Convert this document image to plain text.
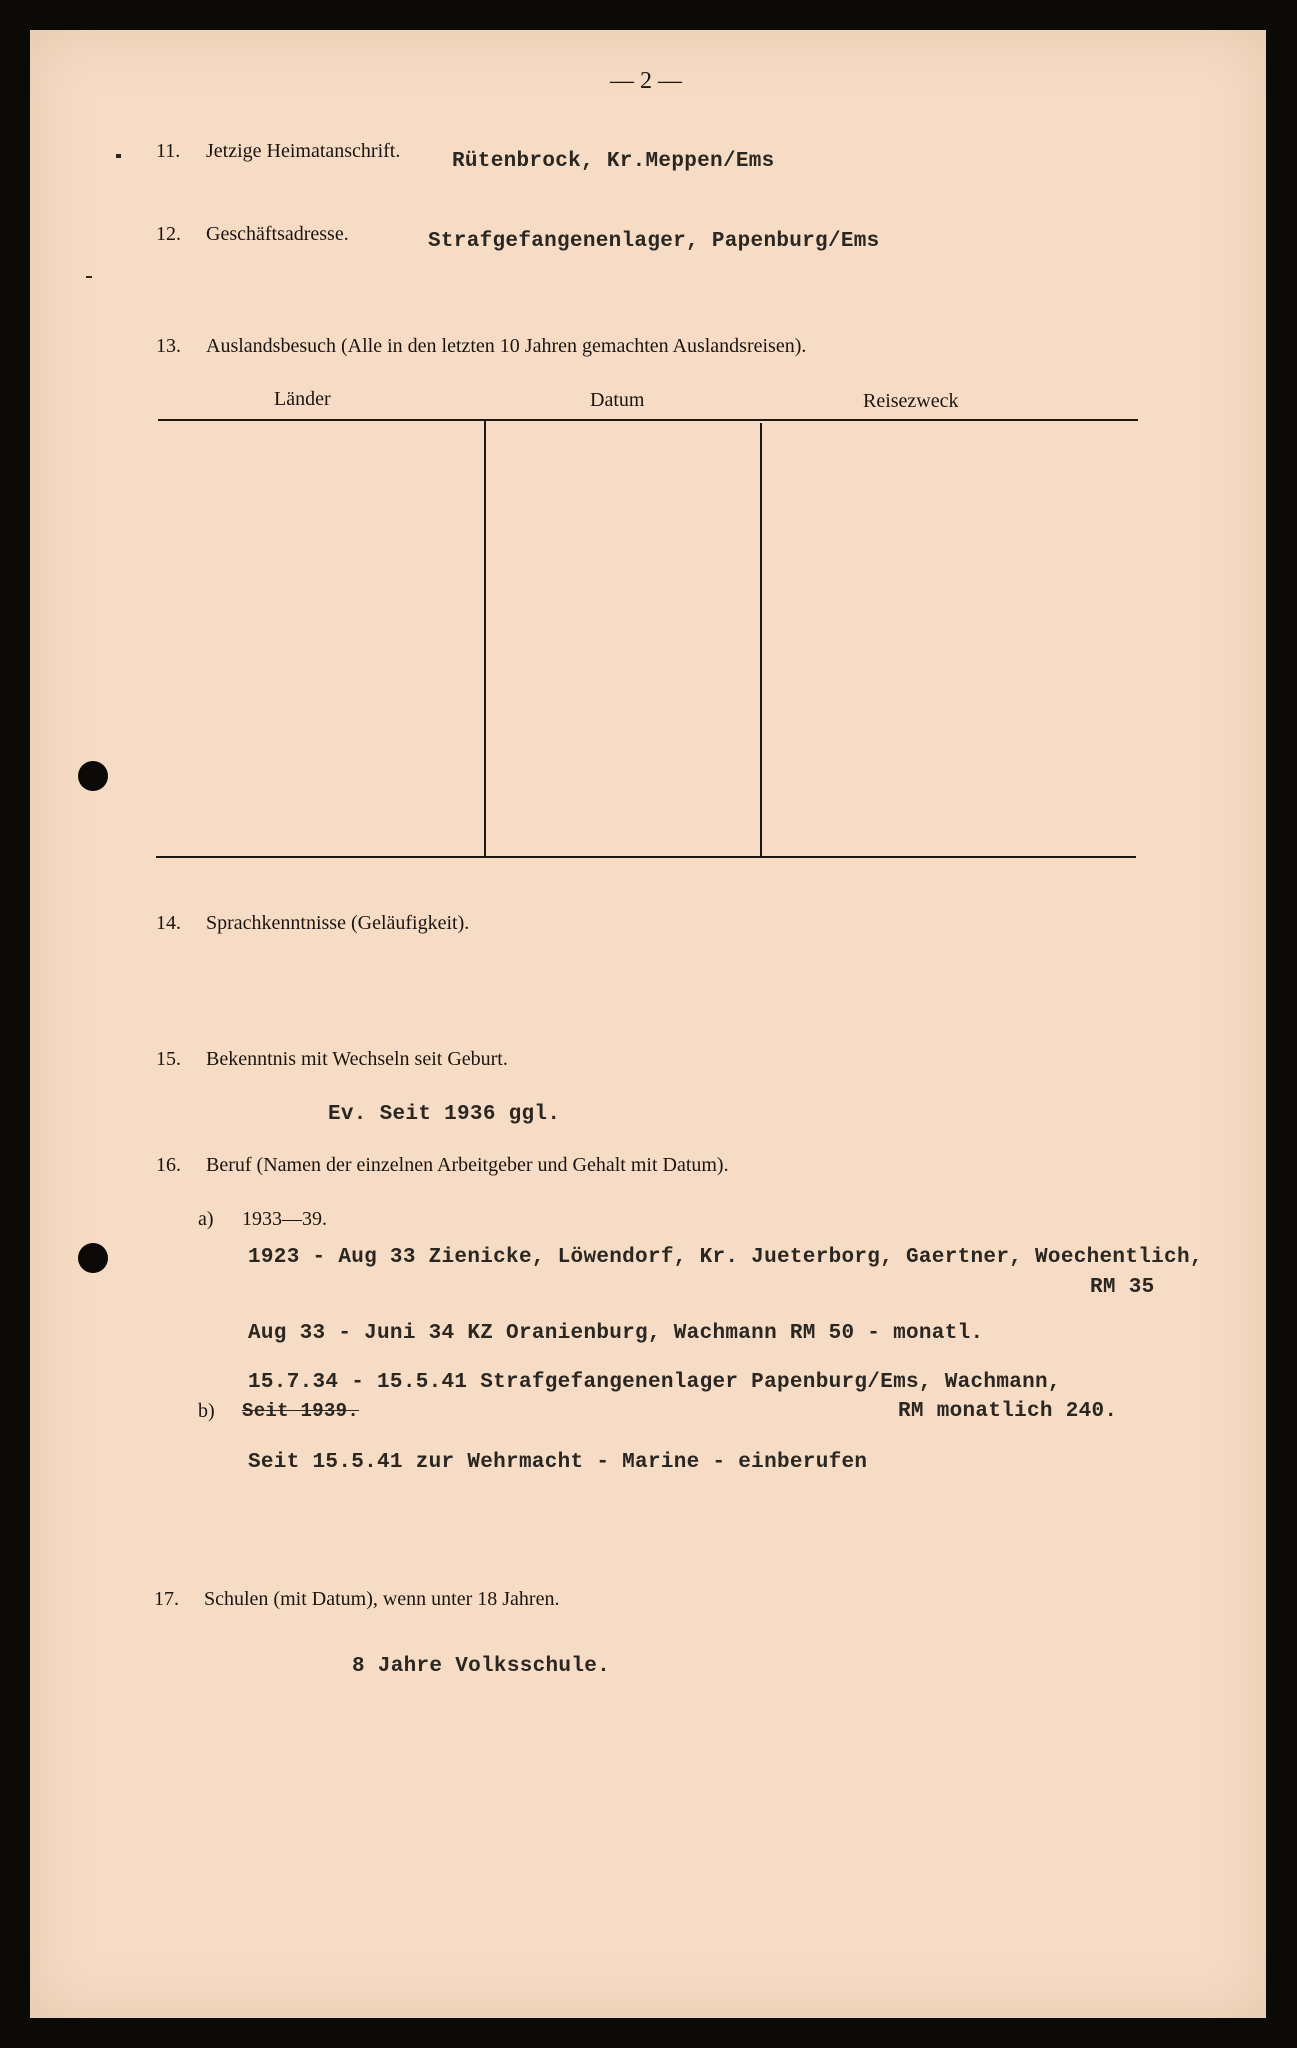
— 2 —
11. Jetzige Heimatanschrift. Rütenbrock, Kr.Meppen/Ems
12. Geschäftsadresse.	Strafgefangenenlager, Papenburg/Ems
13. Auslandsbesuch (Alle in den letzten 10 Jahren gemachten Auslandsreisen).
Länder	Datum	Reisezweck
14. Sprachkenntnisse (Geläufigkeit).
15. Bekenntnis mit Wechseln seit Geburt.
Ev. Seit 1936 ggl.
16. Beruf (Namen der einzelnen Arbeitgeber und Gehalt mit Datum).
a) 1933—39.
1923 - Aug 33 Zienicke, Löwendorf, Kr. Jueterborg, Gaertner, Woechentlich,
RM 35
Aug 33 - Juni 34 KZ Oranienburg, Wachmann RM 50 - monatl.
15.7.34 - 15.5.41 Strafgefangenenlager Papenburg/Ems, Wachmann,
b) Seit 1939.	RM monatlich 240.
Seit 15.5.41 zur Wehrmacht - Marine - einberufen
17. Schulen (mit Datum), wenn unter 18 Jahren.
8 Jahre Volksschule.
